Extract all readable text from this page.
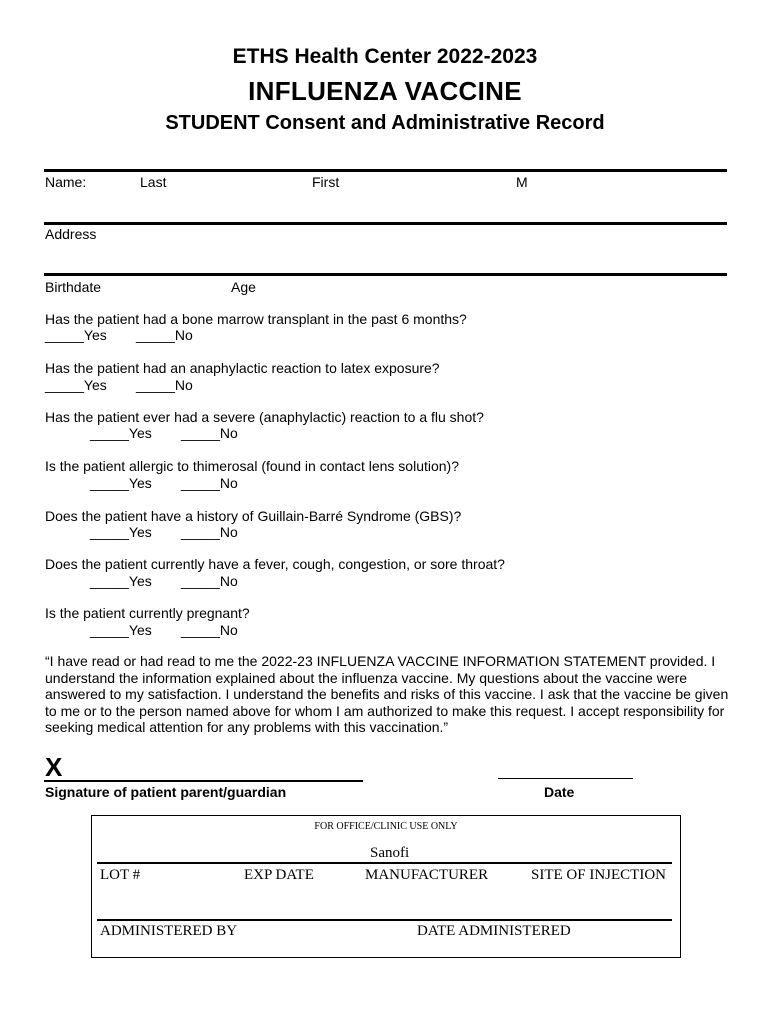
ETHS Health Center 2022-2023
INFLUENZA VACCINE
STUDENT Consent and Administrative Record
Name:	Last	First	M
Address
Birthdate	Age
Has the patient had a bone marrow transplant in the past 6 months?
_____Yes _____No
Has the patient had an anaphylactic reaction to latex exposure?
_____Yes _____No
Has the patient ever had a severe (anaphylactic) reaction to a flu shot?
_____Yes _____No
Is the patient allergic to thimerosal (found in contact lens solution)?
_____Yes _____No
Does the patient have a history of Guillain-Barré Syndrome (GBS)?
_____Yes _____No
Does the patient currently have a fever, cough, congestion, or sore throat?
_____Yes _____No
Is the patient currently pregnant?
_____Yes _____No
“I have read or had read to me the 2022-23 INFLUENZA VACCINE INFORMATION STATEMENT provided. I understand the information explained about the influenza vaccine. My questions about the vaccine were answered to my satisfaction. I understand the benefits and risks of this vaccine. I ask that the vaccine be given to me or to the person named above for whom I am authorized to make this request. I accept responsibility for seeking medical attention for any problems with this vaccination.”
X
Signature of patient parent/guardian	Date
FOR OFFICE/CLINIC USE ONLY
Sanofi
LOT #	EXP DATE	MANUFACTURER	SITE OF INJECTION
ADMINISTERED BY	DATE ADMINISTERED
